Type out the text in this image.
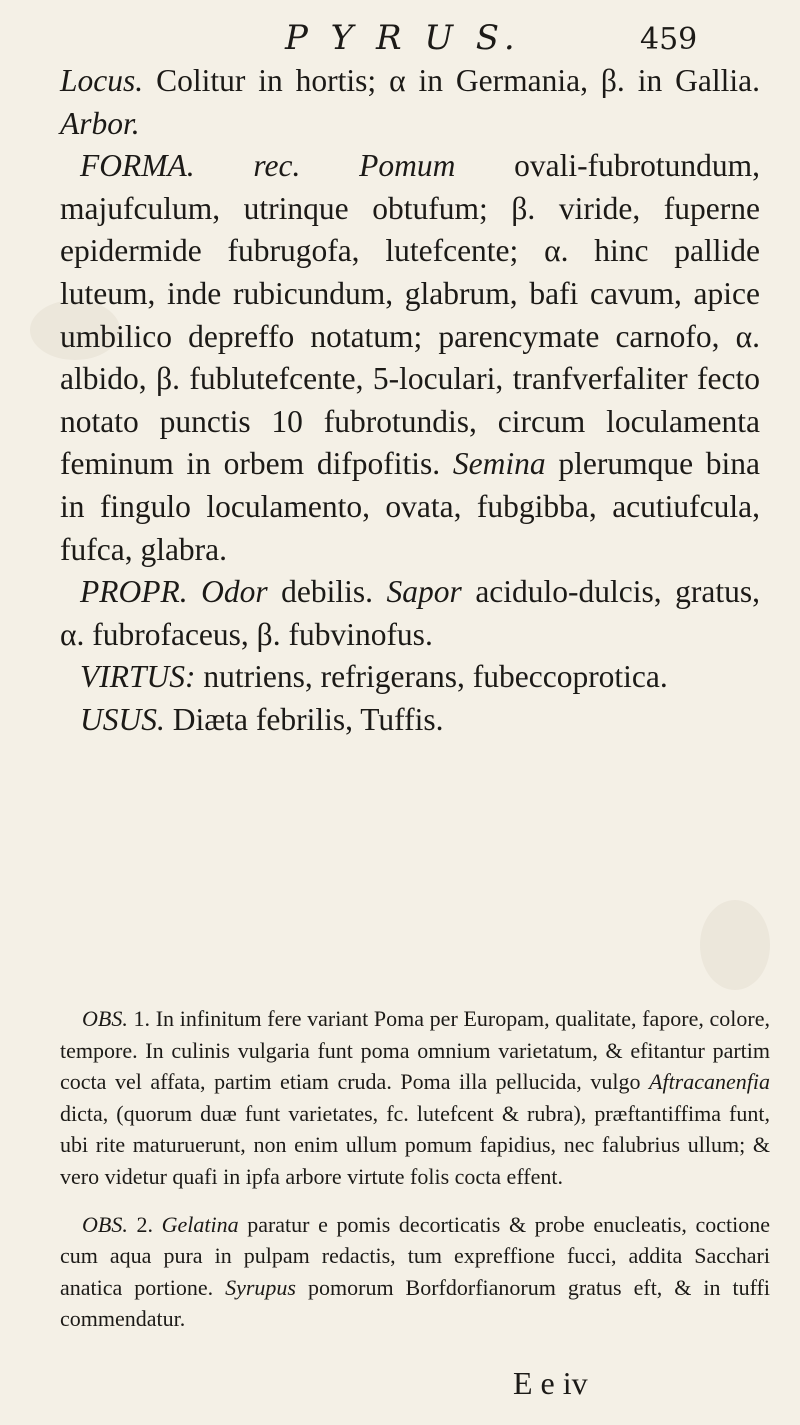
P Y R U S.	459

Locus. Colitur in hortis; α in Germania, β. in Gallia. Arbor.

FORMA. rec. Pomum ovali-fubrotundum, majufculum, utrinque obtufum; β. viride, fuperne epidermide fubrugofa, lutefcente; α. hinc pallide luteum, inde rubicundum, glabrum, bafi cavum, apice umbilico depreffo notatum; parencymate carnofo, α. albido, β. fublutefcente, 5-loculari, tranfverfaliter fecto notato punctis 10 fubrotundis, circum loculamenta feminum in orbem difpofitis. Semina plerumque bina in fingulo loculamento, ovata, fubgibba, acutiufcula, fufca, glabra.

PROPR. Odor debilis. Sapor acidulo-dulcis, gratus, α. fubrofaceus, β. fubvinofus.

VIRTUS: nutriens, refrigerans, fubeccoprotica.

USUS. Diæta febrilis, Tuffis.

OBS. 1. In infinitum fere variant Poma per Europam, qualitate, fapore, colore, tempore. In culinis vulgaria funt poma omnium varietatum, & efitantur partim cocta vel affata, partim etiam cruda. Poma illa pellucida, vulgo Aftracanenfia dicta, (quorum duæ funt varietates, fc. lutefcent & rubra), præftantiffima funt, ubi rite maturuerunt, non enim ullum pomum fapidius, nec falubrius ullum; & vero videtur quafi in ipfa arbore virtute folis cocta effent.

OBS. 2. Gelatina paratur e pomis decorticatis & probe enucleatis, coctione cum aqua pura in pulpam redactis, tum expreffione fucci, addita Sacchari anatica portione. Syrupus pomorum Borfdorfianorum gratus eft, & in tuffi commendatur.

E e iv
